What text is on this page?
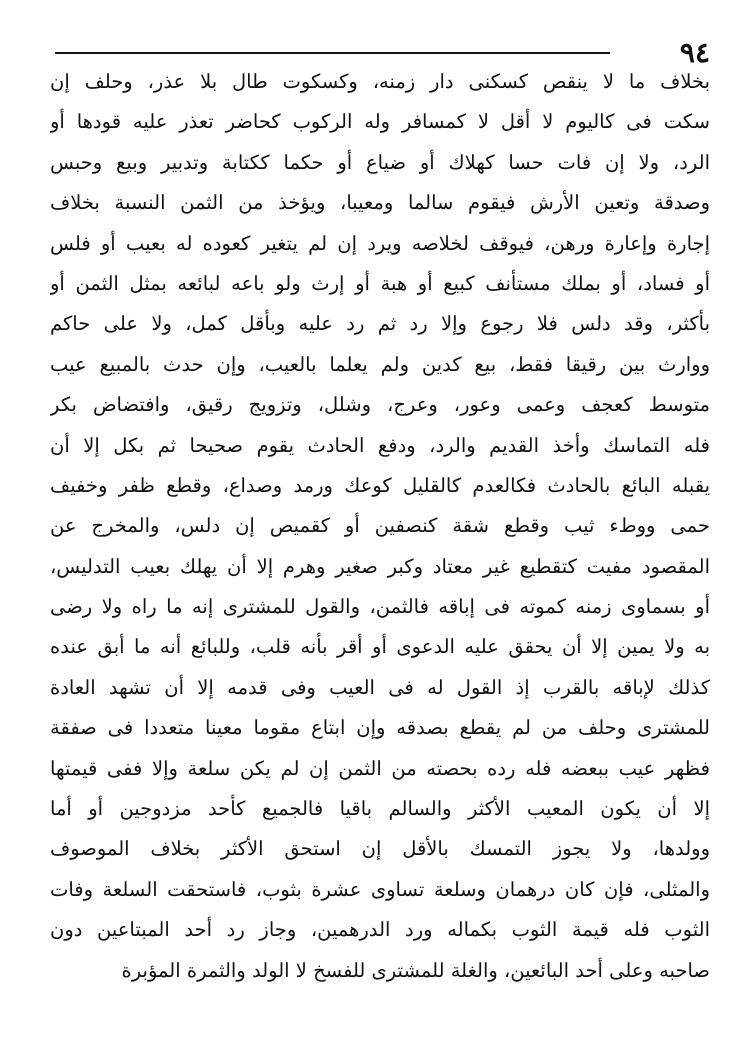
٩٤
بخلاف ما لا ينقص كسكنى دار زمنه، وكسكوت طال بلا عذر، وحلف إن
سكت فى كاليوم لا أقل لا كمسافر وله الركوب كحاضر تعذر عليه قودها أو
الرد، ولا إن فات حسا كهلاك أو ضياع أو حكما ككتابة وتدبير وبيع وحبس
وصدقة وتعين الأرش فيقوم سالما ومعيبا، ويؤخذ من الثمن النسبة بخلاف
إجارة وإعارة ورهن، فيوقف لخلاصه ويرد إن لم يتغير كعوده له بعيب أو فلس
أو فساد، أو بملك مستأنف كبيع أو هبة أو إرث ولو باعه لبائعه بمثل الثمن أو
بأكثر، وقد دلس فلا رجوع وإلا رد ثم رد عليه وبأقل كمل، ولا على حاكم
ووارث بين رقيقا فقط، بيع كدين ولم يعلما بالعيب، وإن حدث بالمبيع عيب
متوسط كعجف وعمى وعور، وعرج، وشلل، وتزويج رقيق، وافتضاض بكر
فله التماسك وأخذ القديم والرد، ودفع الحادث يقوم صحيحا ثم بكل إلا أن
يقبله البائع بالحادث فكالعدم كالقليل كوعك ورمد وصداع، وقطع ظفر وخفيف
حمى ووطء ثيب وقطع شقة كنصفين أو كقميص إن دلس، والمخرج عن
المقصود مفيت كتقطيع غير معتاد وكبر صغير وهرم إلا أن يهلك بعيب التدليس،
أو بسماوى زمنه كموته فى إباقه فالثمن، والقول للمشترى إنه ما راه ولا رضى
به ولا يمين إلا أن يحقق عليه الدعوى أو أقر بأنه قلب، وللبائع أنه ما أبق عنده
كذلك لإباقه بالقرب إذ القول له فى العيب وفى قدمه إلا أن تشهد العادة
للمشترى وحلف من لم يقطع بصدقه وإن ابتاع مقوما معينا متعددا فى صفقة
فظهر عيب ببعضه فله رده بحصته من الثمن إن لم يكن سلعة وإلا ففى قيمتها
إلا أن يكون المعيب الأكثر والسالم باقيا فالجميع كأحد مزدوجين أو أما
وولدها، ولا يجوز التمسك بالأقل إن استحق الأكثر بخلاف الموصوف
والمثلى، فإن كان درهمان وسلعة تساوى عشرة بثوب، فاستحقت السلعة وفات
الثوب فله قيمة الثوب بكماله ورد الدرهمين، وجاز رد أحد المبتاعين دون
صاحبه وعلى أحد البائعين، والغلة للمشترى للفسخ لا الولد والثمرة المؤبرة
